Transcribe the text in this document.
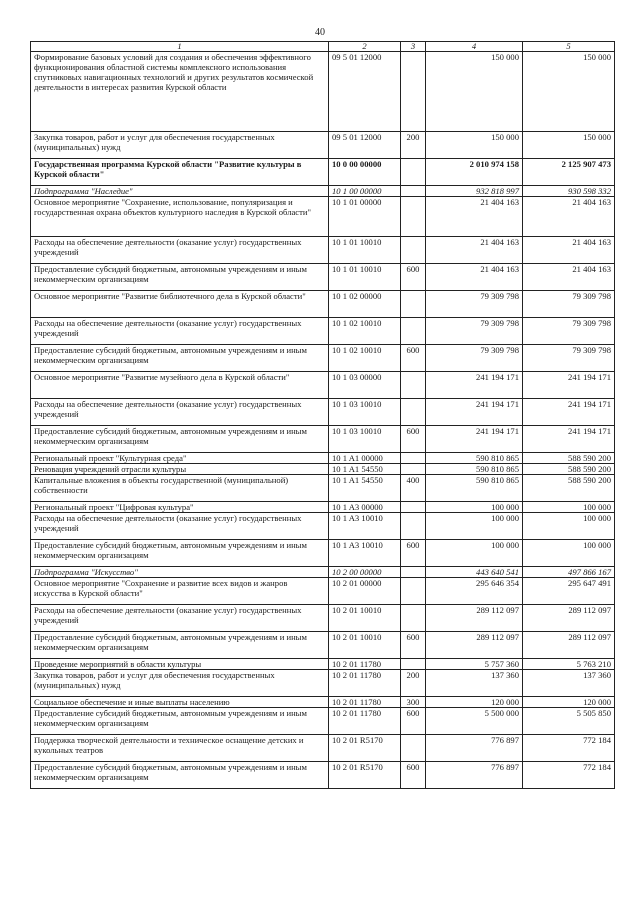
40
1	2	3	4	5
Формирование базовых условий для создания и обеспечения эффективного функционирования областной системы комплексного использования спутниковых навигационных технологий и других результатов космической деятельности в интересах развития Курской области	09 5 01 12000		150 000	150 000
Закупка товаров, работ и услуг для обеспечения государственных (муниципальных) нужд	09 5 01 12000	200	150 000	150 000
Государственная программа Курской области "Развитие культуры в Курской области"	10 0 00 00000		2 010 974 158	2 125 907 473
Подпрограмма "Наследие"	10 1 00 00000		932 818 997	930 598 332
Основное мероприятие "Сохранение, использование, популяризация и государственная охрана объектов культурного наследия в Курской области"	10 1 01 00000		21 404 163	21 404 163
Расходы на обеспечение деятельности (оказание услуг) государственных учреждений	10 1 01 10010		21 404 163	21 404 163
Предоставление субсидий бюджетным, автономным учреждениям и иным некоммерческим организациям	10 1 01 10010	600	21 404 163	21 404 163
Основное мероприятие "Развитие библиотечного дела в Курской области"	10 1 02 00000		79 309 798	79 309 798
Расходы на обеспечение деятельности (оказание услуг) государственных учреждений	10 1 02 10010		79 309 798	79 309 798
Предоставление субсидий бюджетным, автономным учреждениям и иным некоммерческим организациям	10 1 02 10010	600	79 309 798	79 309 798
Основное мероприятие "Развитие музейного дела в Курской области"	10 1 03 00000		241 194 171	241 194 171
Расходы на обеспечение деятельности (оказание услуг) государственных учреждений	10 1 03 10010		241 194 171	241 194 171
Предоставление субсидий бюджетным, автономным учреждениям и иным некоммерческим организациям	10 1 03 10010	600	241 194 171	241 194 171
Региональный проект "Культурная среда"	10 1 A1 00000		590 810 865	588 590 200
Реновация учреждений отрасли культуры	10 1 A1 54550		590 810 865	588 590 200
Капитальные вложения в объекты государственной (муниципальной) собственности	10 1 A1 54550	400	590 810 865	588 590 200
Региональный проект "Цифровая культура"	10 1 A3 00000		100 000	100 000
Расходы на обеспечение деятельности (оказание услуг) государственных учреждений	10 1 A3 10010		100 000	100 000
Предоставление субсидий бюджетным, автономным учреждениям и иным некоммерческим организациям	10 1 A3 10010	600	100 000	100 000
Подпрограмма "Искусство"	10 2 00 00000		443 640 541	497 866 167
Основное мероприятие "Сохранение и развитие всех видов и жанров искусства в Курской области"	10 2 01 00000		295 646 354	295 647 491
Расходы на обеспечение деятельности (оказание услуг) государственных учреждений	10 2 01 10010		289 112 097	289 112 097
Предоставление субсидий бюджетным, автономным учреждениям и иным некоммерческим организациям	10 2 01 10010	600	289 112 097	289 112 097
Проведение мероприятий в области культуры	10 2 01 11780		5 757 360	5 763 210
Закупка товаров, работ и услуг для обеспечения государственных (муниципальных) нужд	10 2 01 11780	200	137 360	137 360
Социальное обеспечение и иные выплаты населению	10 2 01 11780	300	120 000	120 000
Предоставление субсидий бюджетным, автономным учреждениям и иным некоммерческим организациям	10 2 01 11780	600	5 500 000	5 505 850
Поддержка творческой деятельности и техническое оснащение детских и кукольных театров	10 2 01 R5170		776 897	772 184
Предоставление субсидий бюджетным, автономным учреждениям и иным некоммерческим организациям	10 2 01 R5170	600	776 897	772 184
